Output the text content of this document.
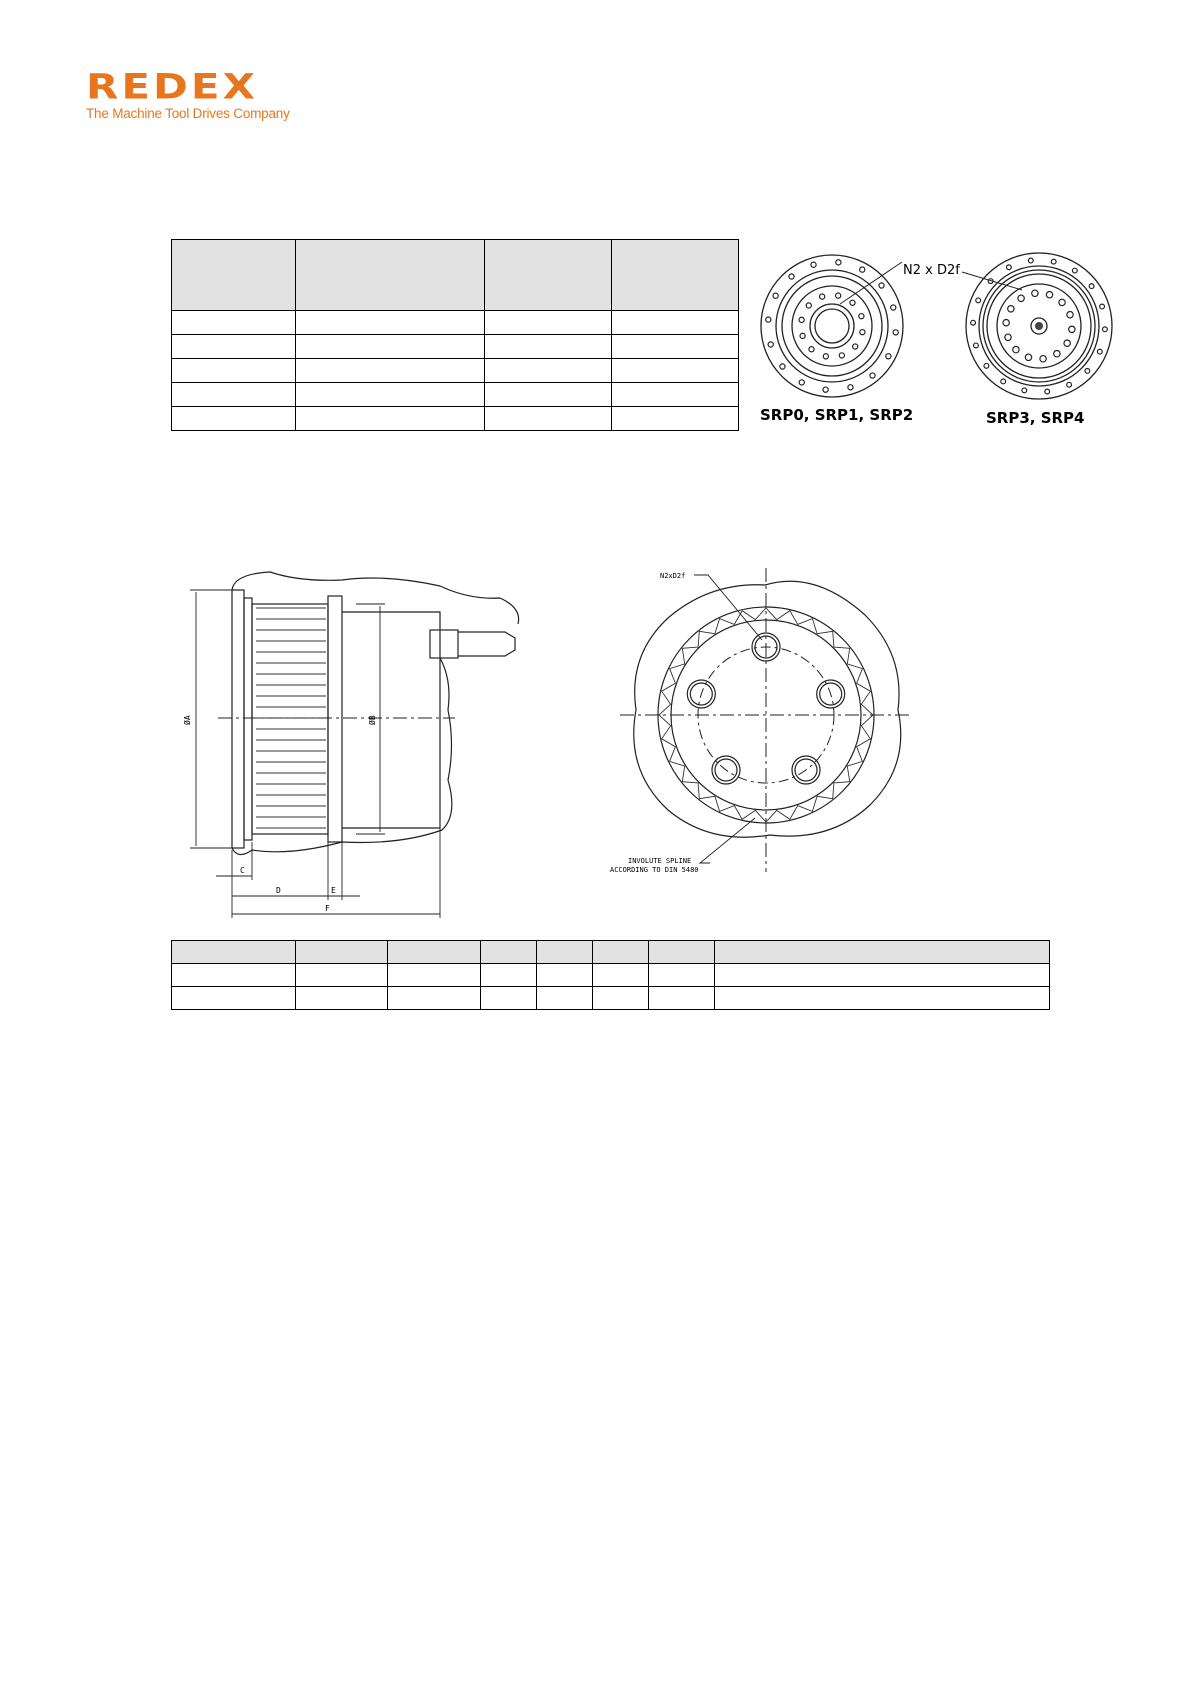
REDEX
The Machine Tool Drives Company

N2 x D2f
SRP0, SRP1, SRP2	SRP3, SRP4
ØA	ØB
C
D	E
F
N2xD2f
INVOLUTE SPLINE
ACCORDING TO DIN 5480
